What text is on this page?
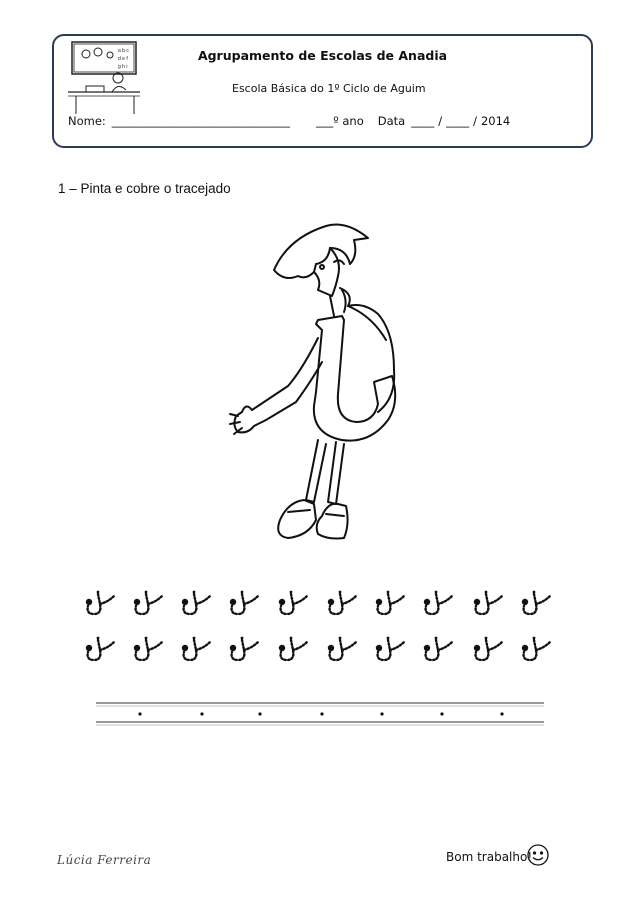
a b c
d e f
g h i
Agrupamento de Escolas de Anadia
Escola Básica do 1º Ciclo de Aguim
Nome: _______________________________ ___º ano Data ____ / ____ / 2014
1 – Pinta e cobre o tracejado
Lúcia Ferreira	Bom trabalho!
